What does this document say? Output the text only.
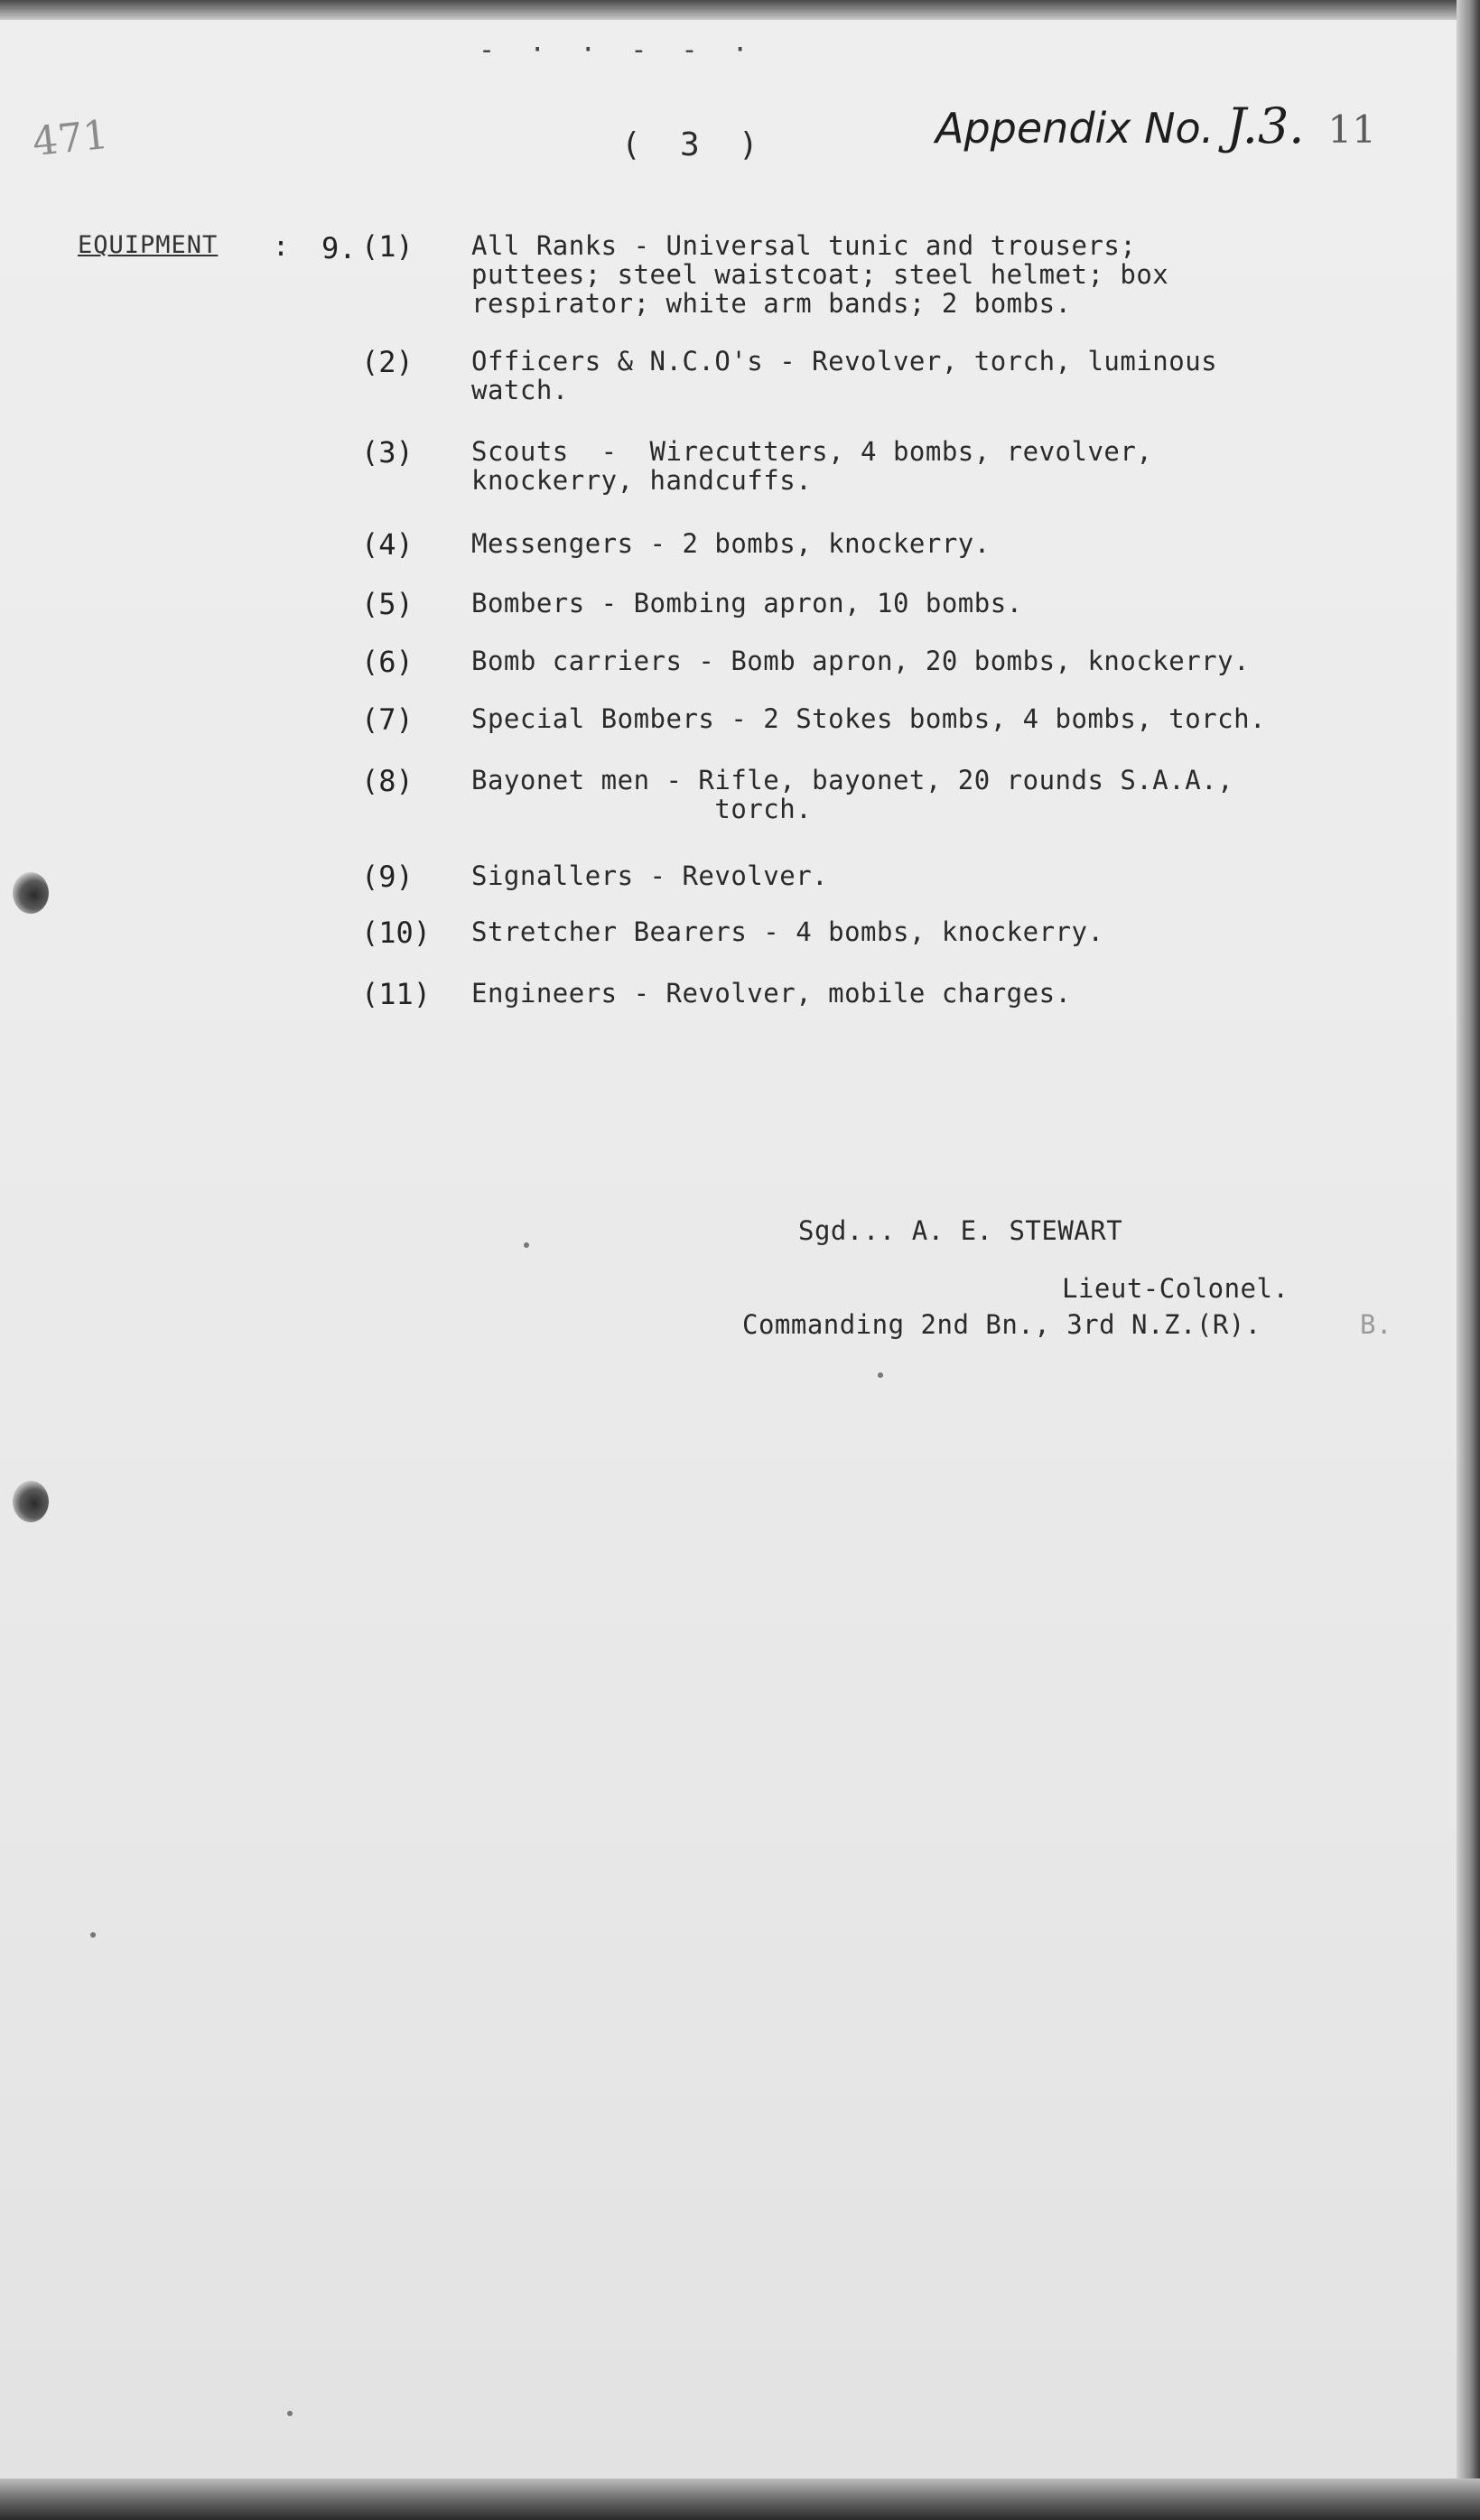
- · · - - ·
471	(  3  )	Appendix No. J.3. 11
EQUIPMENT : 9. (1)	All Ranks - Universal tunic and trousers;
puttees; steel waistcoat; steel helmet; box
respirator; white arm bands; 2 bombs.
(2)	Officers & N.C.O's - Revolver, torch, luminous
watch.
(3)	Scouts  -  Wirecutters, 4 bombs, revolver,
knockerry, handcuffs.
(4)	Messengers - 2 bombs, knockerry.
(5)	Bombers - Bombing apron, 10 bombs.
(6)	Bomb carriers - Bomb apron, 20 bombs, knockerry.
(7)	Special Bombers - 2 Stokes bombs, 4 bombs, torch.
(8)	Bayonet men - Rifle, bayonet, 20 rounds S.A.A.,
torch.
(9)	Signallers - Revolver.
(10)	Stretcher Bearers - 4 bombs, knockerry.
(11)	Engineers - Revolver, mobile charges.
Sgd... A. E. STEWART
Lieut-Colonel.
Commanding 2nd Bn., 3rd N.Z.(R).	B.
